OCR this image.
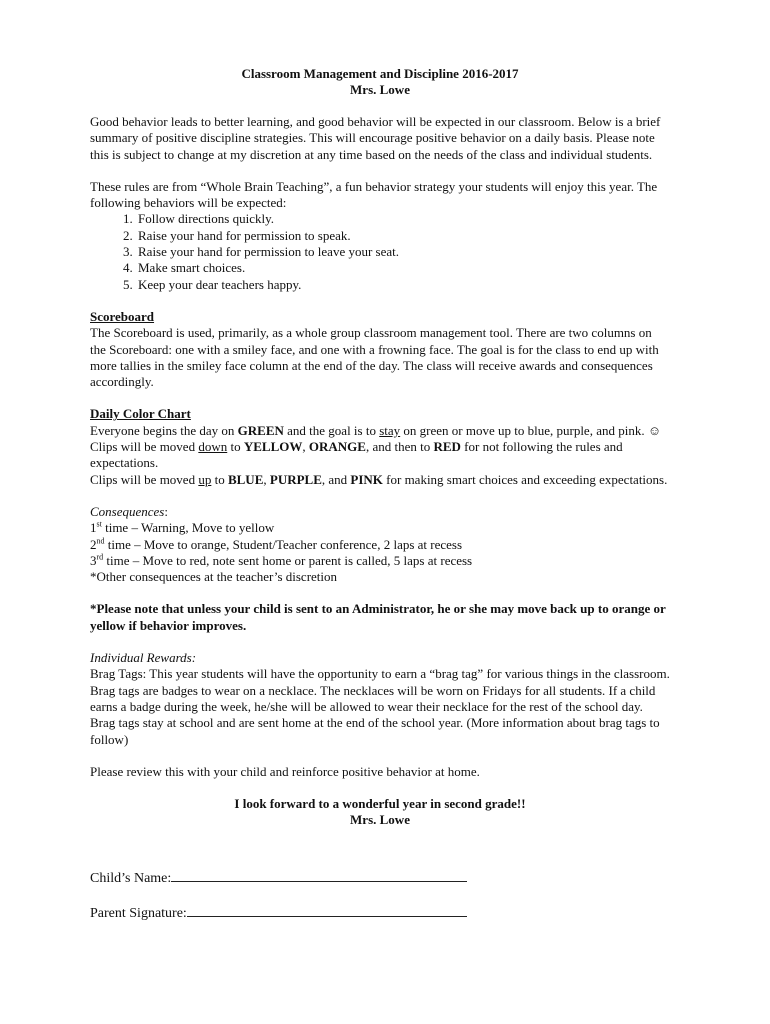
Classroom Management and Discipline 2016-2017

Mrs. Lowe

Good behavior leads to better learning, and good behavior will be expected in our classroom. Below is a brief summary of positive discipline strategies. This will encourage positive behavior on a daily basis. Please note this is subject to change at my discretion at any time based on the needs of the class and individual students.

These rules are from “Whole Brain Teaching”, a fun behavior strategy your students will enjoy this year. The following behaviors will be expected:

1. Follow directions quickly.
2. Raise your hand for permission to speak.
3. Raise your hand for permission to leave your seat.
4. Make smart choices.
5. Keep your dear teachers happy.

Scoreboard

The Scoreboard is used, primarily, as a whole group classroom management tool. There are two columns on the Scoreboard: one with a smiley face, and one with a frowning face. The goal is for the class to end up with more tallies in the smiley face column at the end of the day. The class will receive awards and consequences accordingly.

Daily Color Chart

Everyone begins the day on GREEN and the goal is to stay on green or move up to blue, purple, and pink. ☺

Clips will be moved down to YELLOW, ORANGE, and then to RED for not following the rules and expectations.

Clips will be moved up to BLUE, PURPLE, and PINK for making smart choices and exceeding expectations.

Consequences:

1st time – Warning, Move to yellow

2nd time – Move to orange, Student/Teacher conference, 2 laps at recess

3rd time – Move to red, note sent home or parent is called, 5 laps at recess

*Other consequences at the teacher’s discretion

*Please note that unless your child is sent to an Administrator, he or she may move back up to orange or yellow if behavior improves.

Individual Rewards:

Brag Tags: This year students will have the opportunity to earn a “brag tag” for various things in the classroom. Brag tags are badges to wear on a necklace. The necklaces will be worn on Fridays for all students. If a child earns a badge during the week, he/she will be allowed to wear their necklace for the rest of the school day. Brag tags stay at school and are sent home at the end of the school year. (More information about brag tags to follow)

Please review this with your child and reinforce positive behavior at home.

I look forward to a wonderful year in second grade!!

Mrs. Lowe

Child’s Name:

Parent Signature:
